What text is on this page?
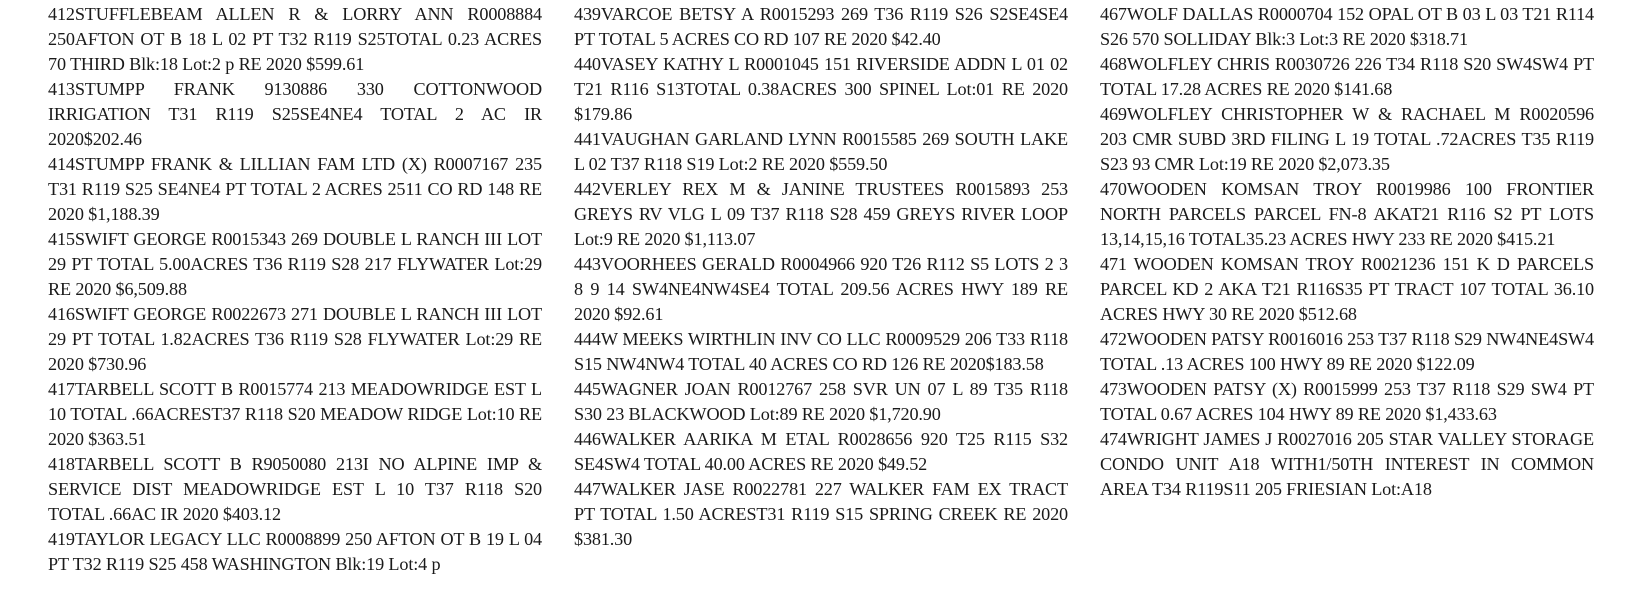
412STUFFLEBEAM ALLEN R & LORRY ANN R0008884 250AFTON OT B 18 L 02 PT T32 R119 S25TOTAL 0.23 ACRES 70 THIRD Blk:18 Lot:2 p RE 2020 $599.61

413STUMPP FRANK 9130886 330 COTTONWOOD IRRIGATION T31 R119 S25SE4NE4 TOTAL 2 AC IR 2020$202.46

414STUMPP FRANK & LILLIAN FAM LTD (X) R0007167 235 T31 R119 S25 SE4NE4 PT TOTAL 2 ACRES 2511 CO RD 148 RE 2020 $1,188.39

415SWIFT GEORGE R0015343 269 DOUBLE L RANCH III LOT 29 PT TOTAL 5.00ACRES T36 R119 S28 217 FLYWATER Lot:29 RE 2020 $6,509.88

416SWIFT GEORGE R0022673 271 DOUBLE L RANCH III LOT 29 PT TOTAL 1.82ACRES T36 R119 S28 FLYWATER Lot:29 RE 2020 $730.96

417TARBELL SCOTT B R0015774 213 MEADOWRIDGE EST L 10 TOTAL .66ACREST37 R118 S20 MEADOW RIDGE Lot:10 RE 2020 $363.51

418TARBELL SCOTT B R9050080 213I NO ALPINE IMP & SERVICE DIST MEADOWRIDGE EST L 10 T37 R118 S20 TOTAL .66AC IR 2020 $403.12

419TAYLOR LEGACY LLC R0008899 250 AFTON OT B 19 L 04 PT T32 R119 S25 458 WASHINGTON Blk:19 Lot:4 p

439VARCOE BETSY A R0015293 269 T36 R119 S26 S2SE4SE4 PT TOTAL 5 ACRES CO RD 107 RE 2020 $42.40

440VASEY KATHY L R0001045 151 RIVERSIDE ADDN L 01 02 T21 R116 S13TOTAL 0.38ACRES 300 SPINEL Lot:01 RE 2020 $179.86

441VAUGHAN GARLAND LYNN R0015585 269 SOUTH LAKE L 02 T37 R118 S19 Lot:2 RE 2020 $559.50

442VERLEY REX M & JANINE TRUSTEES R0015893 253 GREYS RV VLG L 09 T37 R118 S28 459 GREYS RIVER LOOP Lot:9 RE 2020 $1,113.07

443VOORHEES GERALD R0004966 920 T26 R112 S5 LOTS 2 3 8 9 14 SW4NE4NW4SE4 TOTAL 209.56 ACRES HWY 189 RE 2020 $92.61

444W MEEKS WIRTHLIN INV CO LLC R0009529 206 T33 R118 S15 NW4NW4 TOTAL 40 ACRES CO RD 126 RE 2020$183.58

445WAGNER JOAN R0012767 258 SVR UN 07 L 89 T35 R118 S30 23 BLACKWOOD Lot:89 RE 2020 $1,720.90

446WALKER AARIKA M ETAL R0028656 920 T25 R115 S32 SE4SW4 TOTAL 40.00 ACRES RE 2020 $49.52

447WALKER JASE R0022781 227 WALKER FAM EX TRACT PT TOTAL 1.50 ACREST31 R119 S15 SPRING CREEK RE 2020 $381.30

467WOLF DALLAS R0000704 152 OPAL OT B 03 L 03 T21 R114 S26 570 SOLLIDAY Blk:3 Lot:3 RE 2020 $318.71

468WOLFLEY CHRIS R0030726 226 T34 R118 S20 SW4SW4 PT TOTAL 17.28 ACRES RE 2020 $141.68

469WOLFLEY CHRISTOPHER W & RACHAEL M R0020596 203 CMR SUBD 3RD FILING L 19 TOTAL .72ACRES T35 R119 S23 93 CMR Lot:19 RE 2020 $2,073.35

470WOODEN KOMSAN TROY R0019986 100 FRONTIER NORTH PARCELS PARCEL FN-8 AKAT21 R116 S2 PT LOTS 13,14,15,16 TOTAL35.23 ACRES HWY 233 RE 2020 $415.21

471 WOODEN KOMSAN TROY R0021236 151 K D PARCELS PARCEL KD 2 AKA T21 R116S35 PT TRACT 107 TOTAL 36.10 ACRES HWY 30 RE 2020 $512.68

472WOODEN PATSY R0016016 253 T37 R118 S29 NW4NE4SW4 TOTAL .13 ACRES 100 HWY 89 RE 2020 $122.09

473WOODEN PATSY (X) R0015999 253 T37 R118 S29 SW4 PT TOTAL 0.67 ACRES 104 HWY 89 RE 2020 $1,433.63

474WRIGHT JAMES J R0027016 205 STAR VALLEY STORAGE CONDO UNIT A18 WITH1/50TH INTEREST IN COMMON AREA T34 R119S11 205 FRIESIAN Lot:A18
